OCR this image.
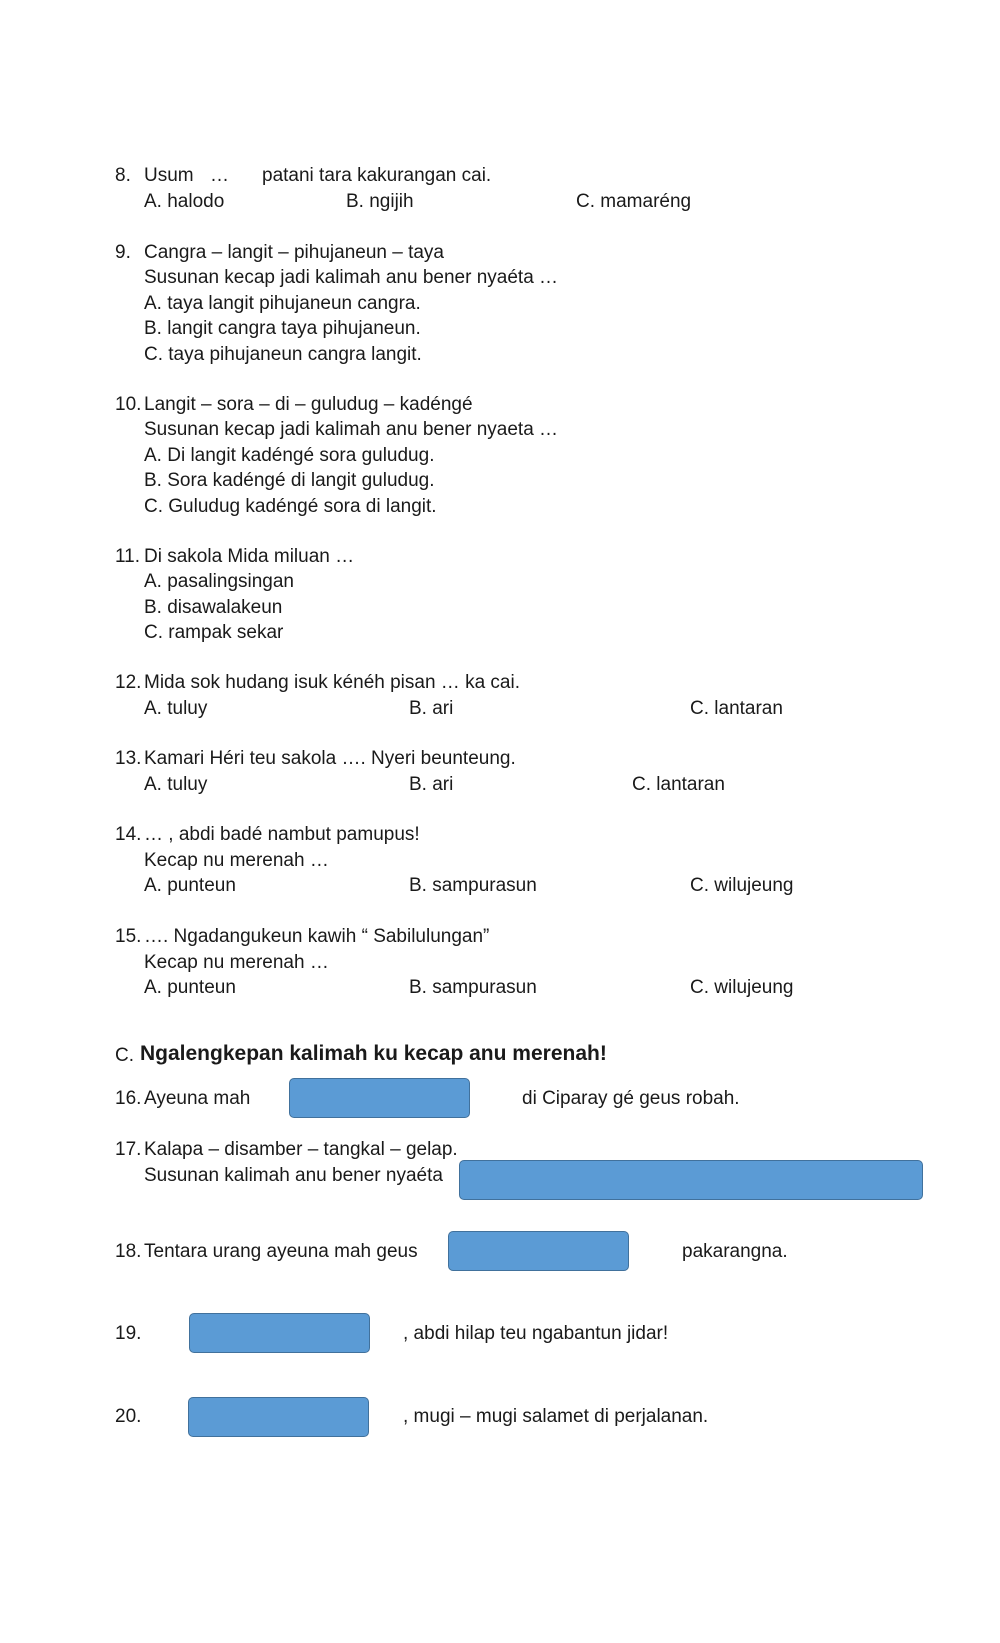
8. Usum … patani tara kakurangan cai.
A. halodo	B. ngijih	C. mamaréng
9. Cangra – langit – pihujaneun – taya
Susunan kecap jadi kalimah anu bener nyaéta …
A. taya langit pihujaneun cangra.
B. langit cangra taya pihujaneun.
C. taya pihujaneun cangra langit.
10. Langit – sora – di – guludug – kadéngé
Susunan kecap jadi kalimah anu bener nyaeta …
A. Di langit kadéngé sora guludug.
B. Sora kadéngé di langit guludug.
C. Guludug kadéngé sora di langit.
11. Di sakola Mida miluan …
A. pasalingsingan
B. disawalakeun
C. rampak sekar
12. Mida sok hudang isuk kénéh pisan … ka cai.
A. tuluy	B. ari	C. lantaran
13. Kamari Héri teu sakola …. Nyeri beunteung.
A. tuluy	B. ari	C. lantaran
14. … , abdi badé nambut pamupus!
Kecap nu merenah …
A. punteun	B. sampurasun	C. wilujeung
15. …. Ngadangukeun kawih “ Sabilulungan”
Kecap nu merenah …
A. punteun	B. sampurasun	C. wilujeung
C. Ngalengkepan kalimah ku kecap anu merenah!
16. Ayeuna mah	di Ciparay gé geus robah.
17. Kalapa – disamber – tangkal – gelap.
Susunan kalimah anu bener nyaéta
18. Tentara urang ayeuna mah geus	pakarangna.
19.	, abdi hilap teu ngabantun jidar!
20.	, mugi – mugi salamet di perjalanan.
